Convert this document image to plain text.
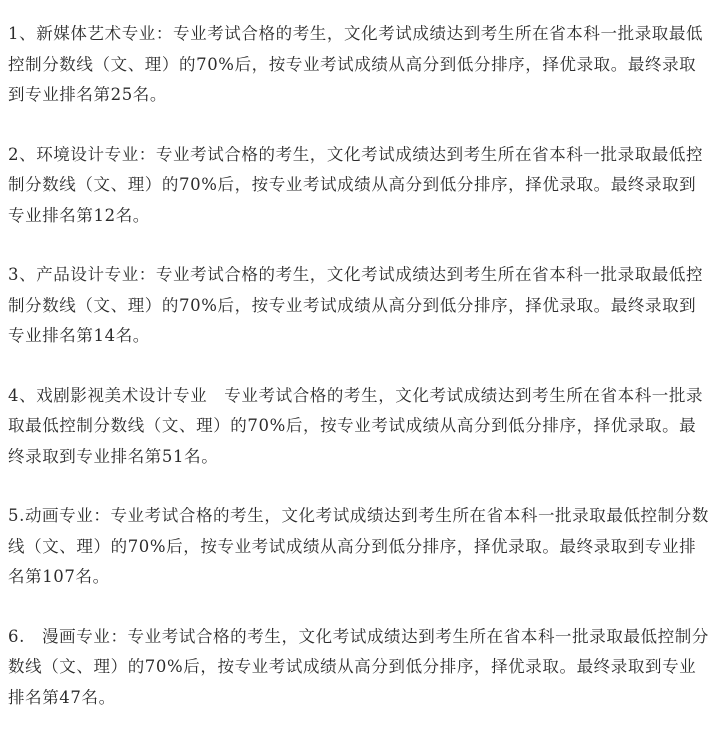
1、新媒体艺术专业：专业考试合格的考生，文化考试成绩达到考生所在省本科一批录取最低控制分数线（文、理）的70%后，按专业考试成绩从高分到低分排序，择优录取。最终录取到专业排名第25名。

2、环境设计专业：专业考试合格的考生，文化考试成绩达到考生所在省本科一批录取最低控制分数线（文、理）的70%后，按专业考试成绩从高分到低分排序，择优录取。最终录取到专业排名第12名。

3、产品设计专业：专业考试合格的考生，文化考试成绩达到考生所在省本科一批录取最低控制分数线（文、理）的70%后，按专业考试成绩从高分到低分排序，择优录取。最终录取到专业排名第14名。

4、戏剧影视美术设计专业　专业考试合格的考生，文化考试成绩达到考生所在省本科一批录取最低控制分数线（文、理）的70%后，按专业考试成绩从高分到低分排序，择优录取。最终录取到专业排名第51名。

5.动画专业：专业考试合格的考生，文化考试成绩达到考生所在省本科一批录取最低控制分数线（文、理）的70%后，按专业考试成绩从高分到低分排序，择优录取。最终录取到专业排名第107名。

6.　漫画专业：专业考试合格的考生，文化考试成绩达到考生所在省本科一批录取最低控制分数线（文、理）的70%后，按专业考试成绩从高分到低分排序，择优录取。最终录取到专业排名第47名。
